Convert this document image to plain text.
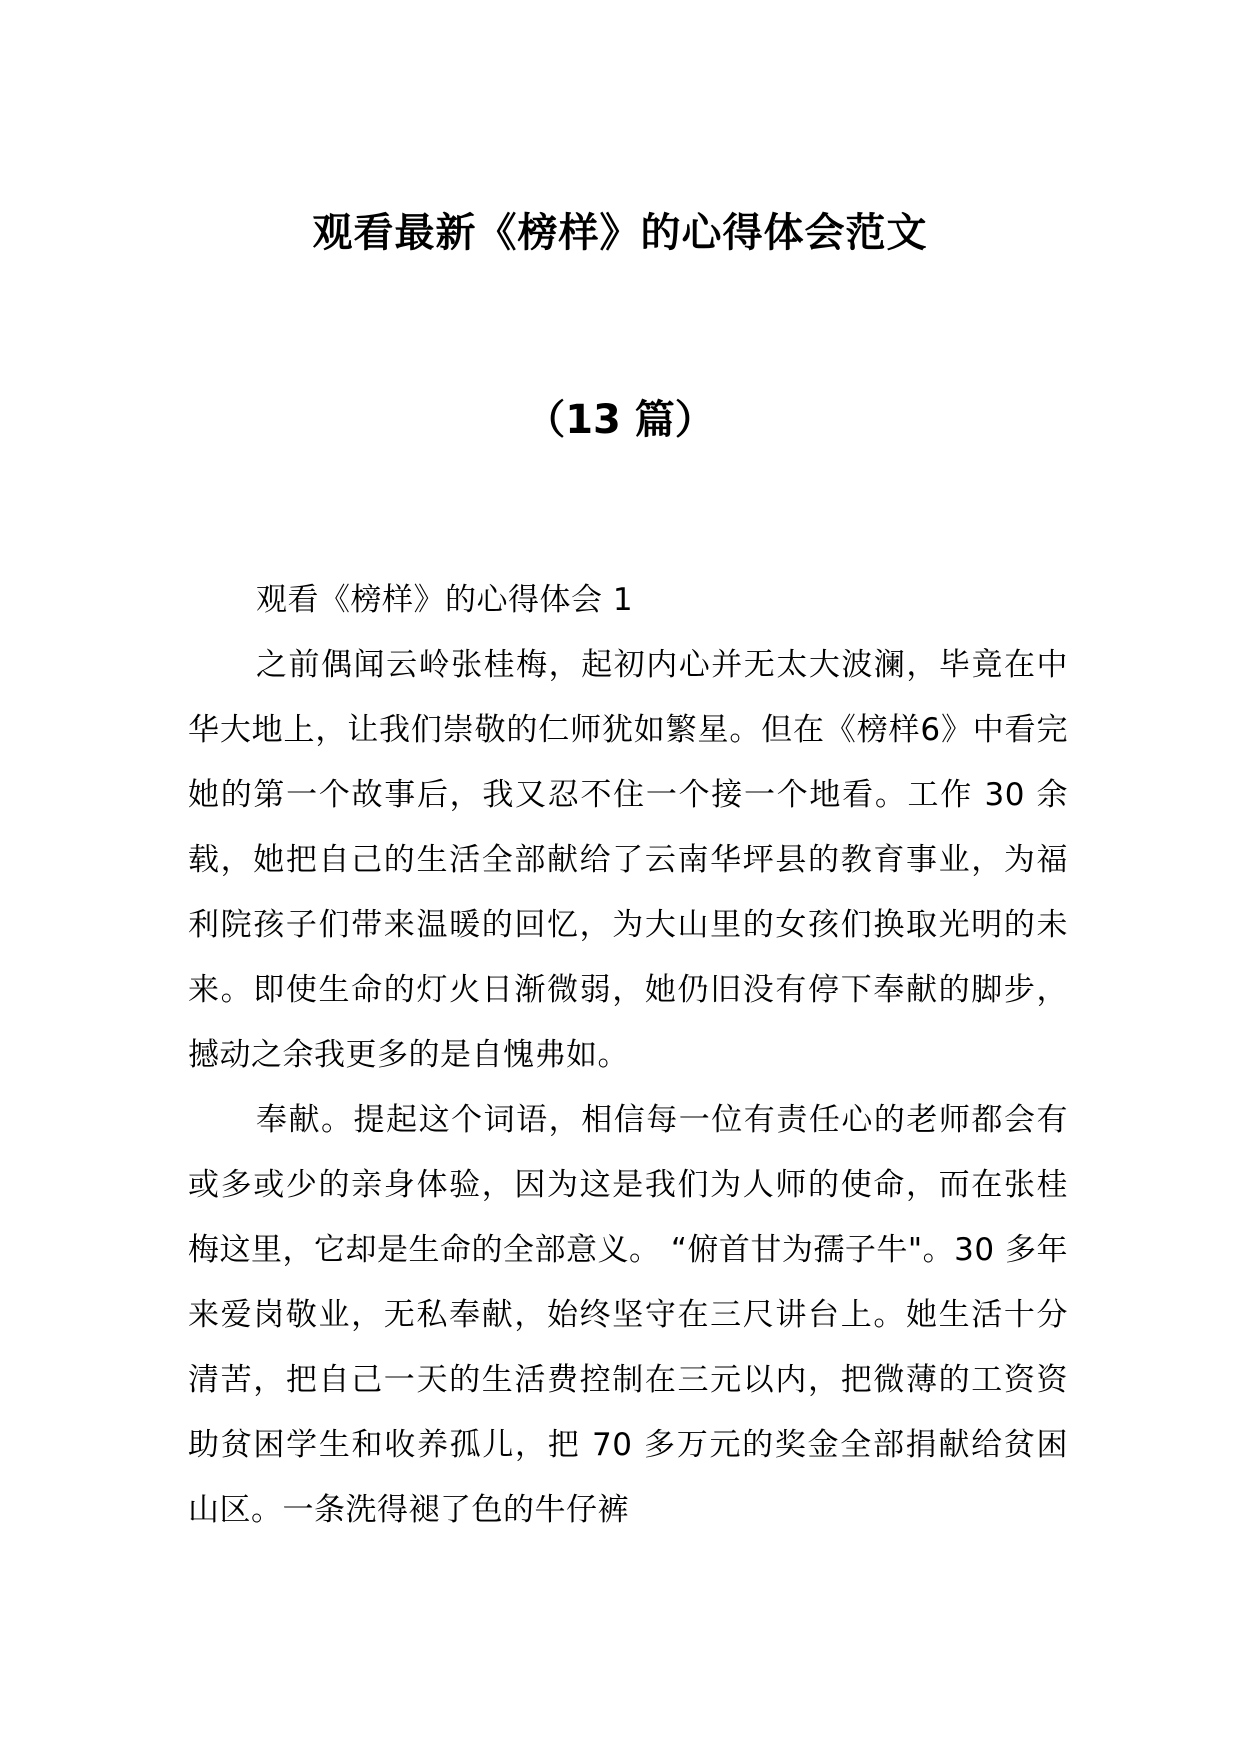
观看最新《榜样》的心得体会范文
（13 篇）

观看《榜样》的心得体会 1

之前偶闻云岭张桂梅，起初内心并无太大波澜，毕竟在中华大地上，让我们崇敬的仁师犹如繁星。但在《榜样6》中看完她的第一个故事后，我又忍不住一个接一个地看。工作 30 余载，她把自己的生活全部献给了云南华坪县的教育事业，为福利院孩子们带来温暖的回忆，为大山里的女孩们换取光明的未来。即使生命的灯火日渐微弱，她仍旧没有停下奉献的脚步，撼动之余我更多的是自愧弗如。

奉献。提起这个词语，相信每一位有责任心的老师都会有或多或少的亲身体验，因为这是我们为人师的使命，而在张桂梅这里，它却是生命的全部意义。 “俯首甘为孺子牛"。30 多年来爱岗敬业，无私奉献，始终坚守在三尺讲台上。她生活十分清苦，把自己一天的生活费控制在三元以内，把微薄的工资资助贫困学生和收养孤儿，把 70 多万元的奖金全部捐献给贫困山区。一条洗得褪了色的牛仔裤
